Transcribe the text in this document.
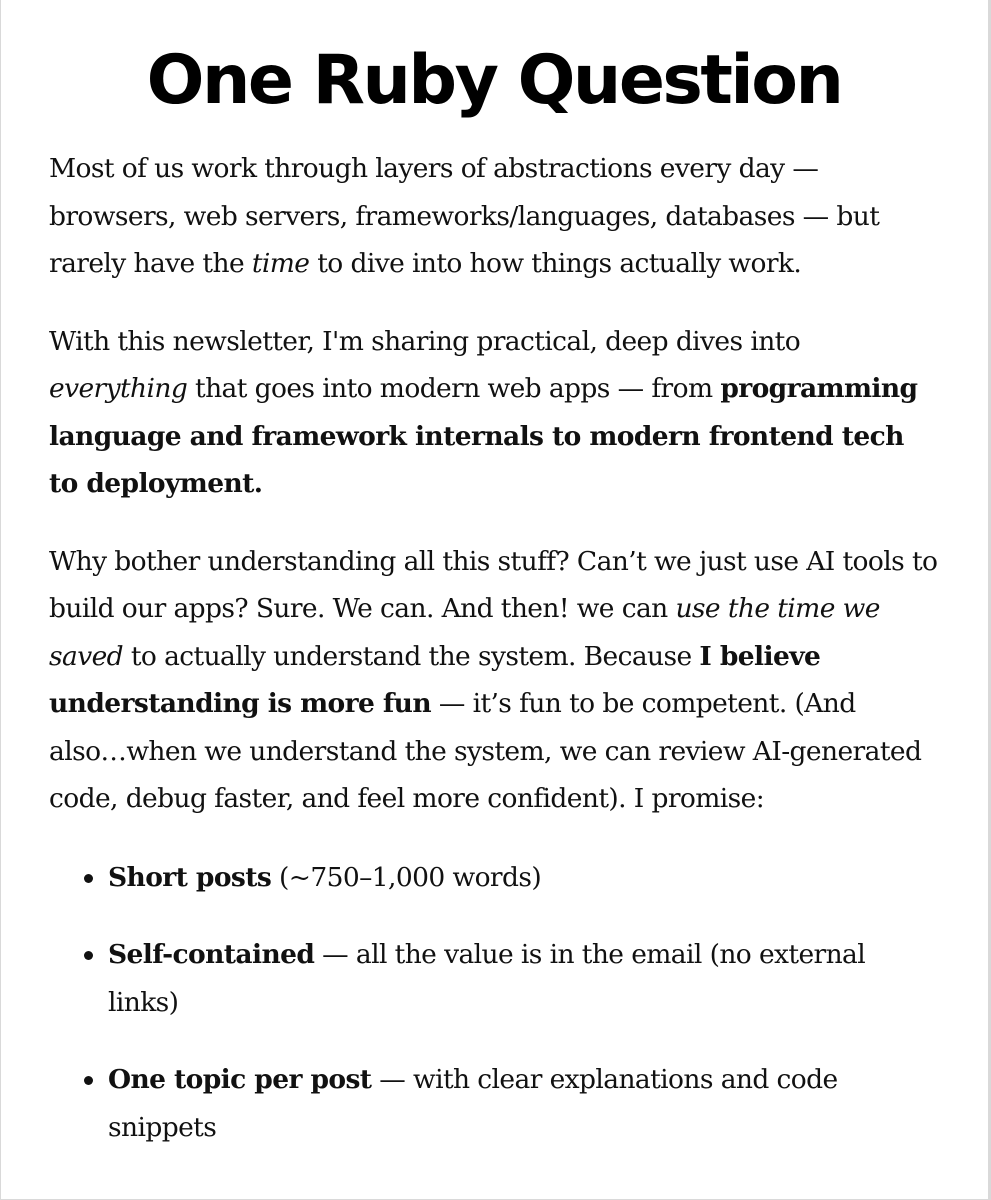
One Ruby Question

Most of us work through layers of abstractions every day — browsers, web servers, frameworks/languages, databases — but rarely have the time to dive into how things actually work.

With this newsletter, I'm sharing practical, deep dives into everything that goes into modern web apps — from programming language and framework internals to modern frontend tech to deployment.

Why bother understanding all this stuff? Can’t we just use AI tools to build our apps? Sure. We can. And then! we can use the time we saved to actually understand the system. Because I believe understanding is more fun — it’s fun to be competent. (And also…when we understand the system, we can review AI-generated code, debug faster, and feel more confident). I promise:

Short posts (~750–1,000 words)
Self-contained — all the value is in the email (no external links)
One topic per post — with clear explanations and code snippets
